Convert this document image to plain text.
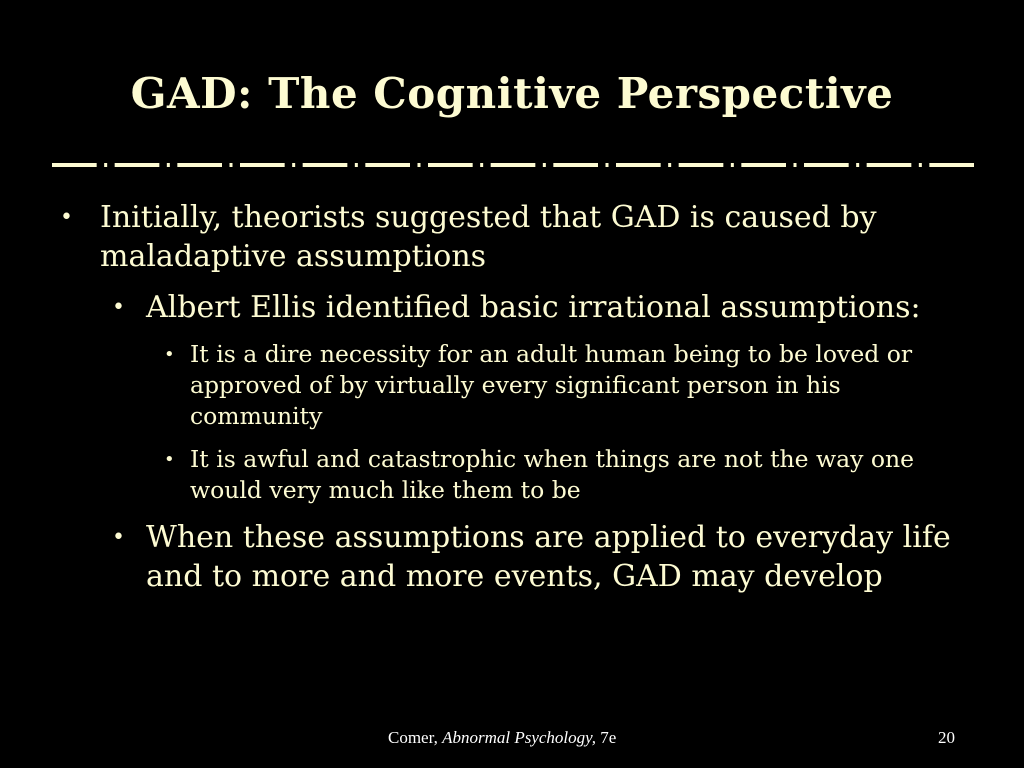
GAD: The Cognitive Perspective

• Initially, theorists suggested that GAD is caused by maladaptive assumptions

• Albert Ellis identified basic irrational assumptions:

• It is a dire necessity for an adult human being to be loved or approved of by virtually every significant person in his community

• It is awful and catastrophic when things are not the way one would very much like them to be

• When these assumptions are applied to everyday life and to more and more events, GAD may develop

Comer, Abnormal Psychology, 7e	20
